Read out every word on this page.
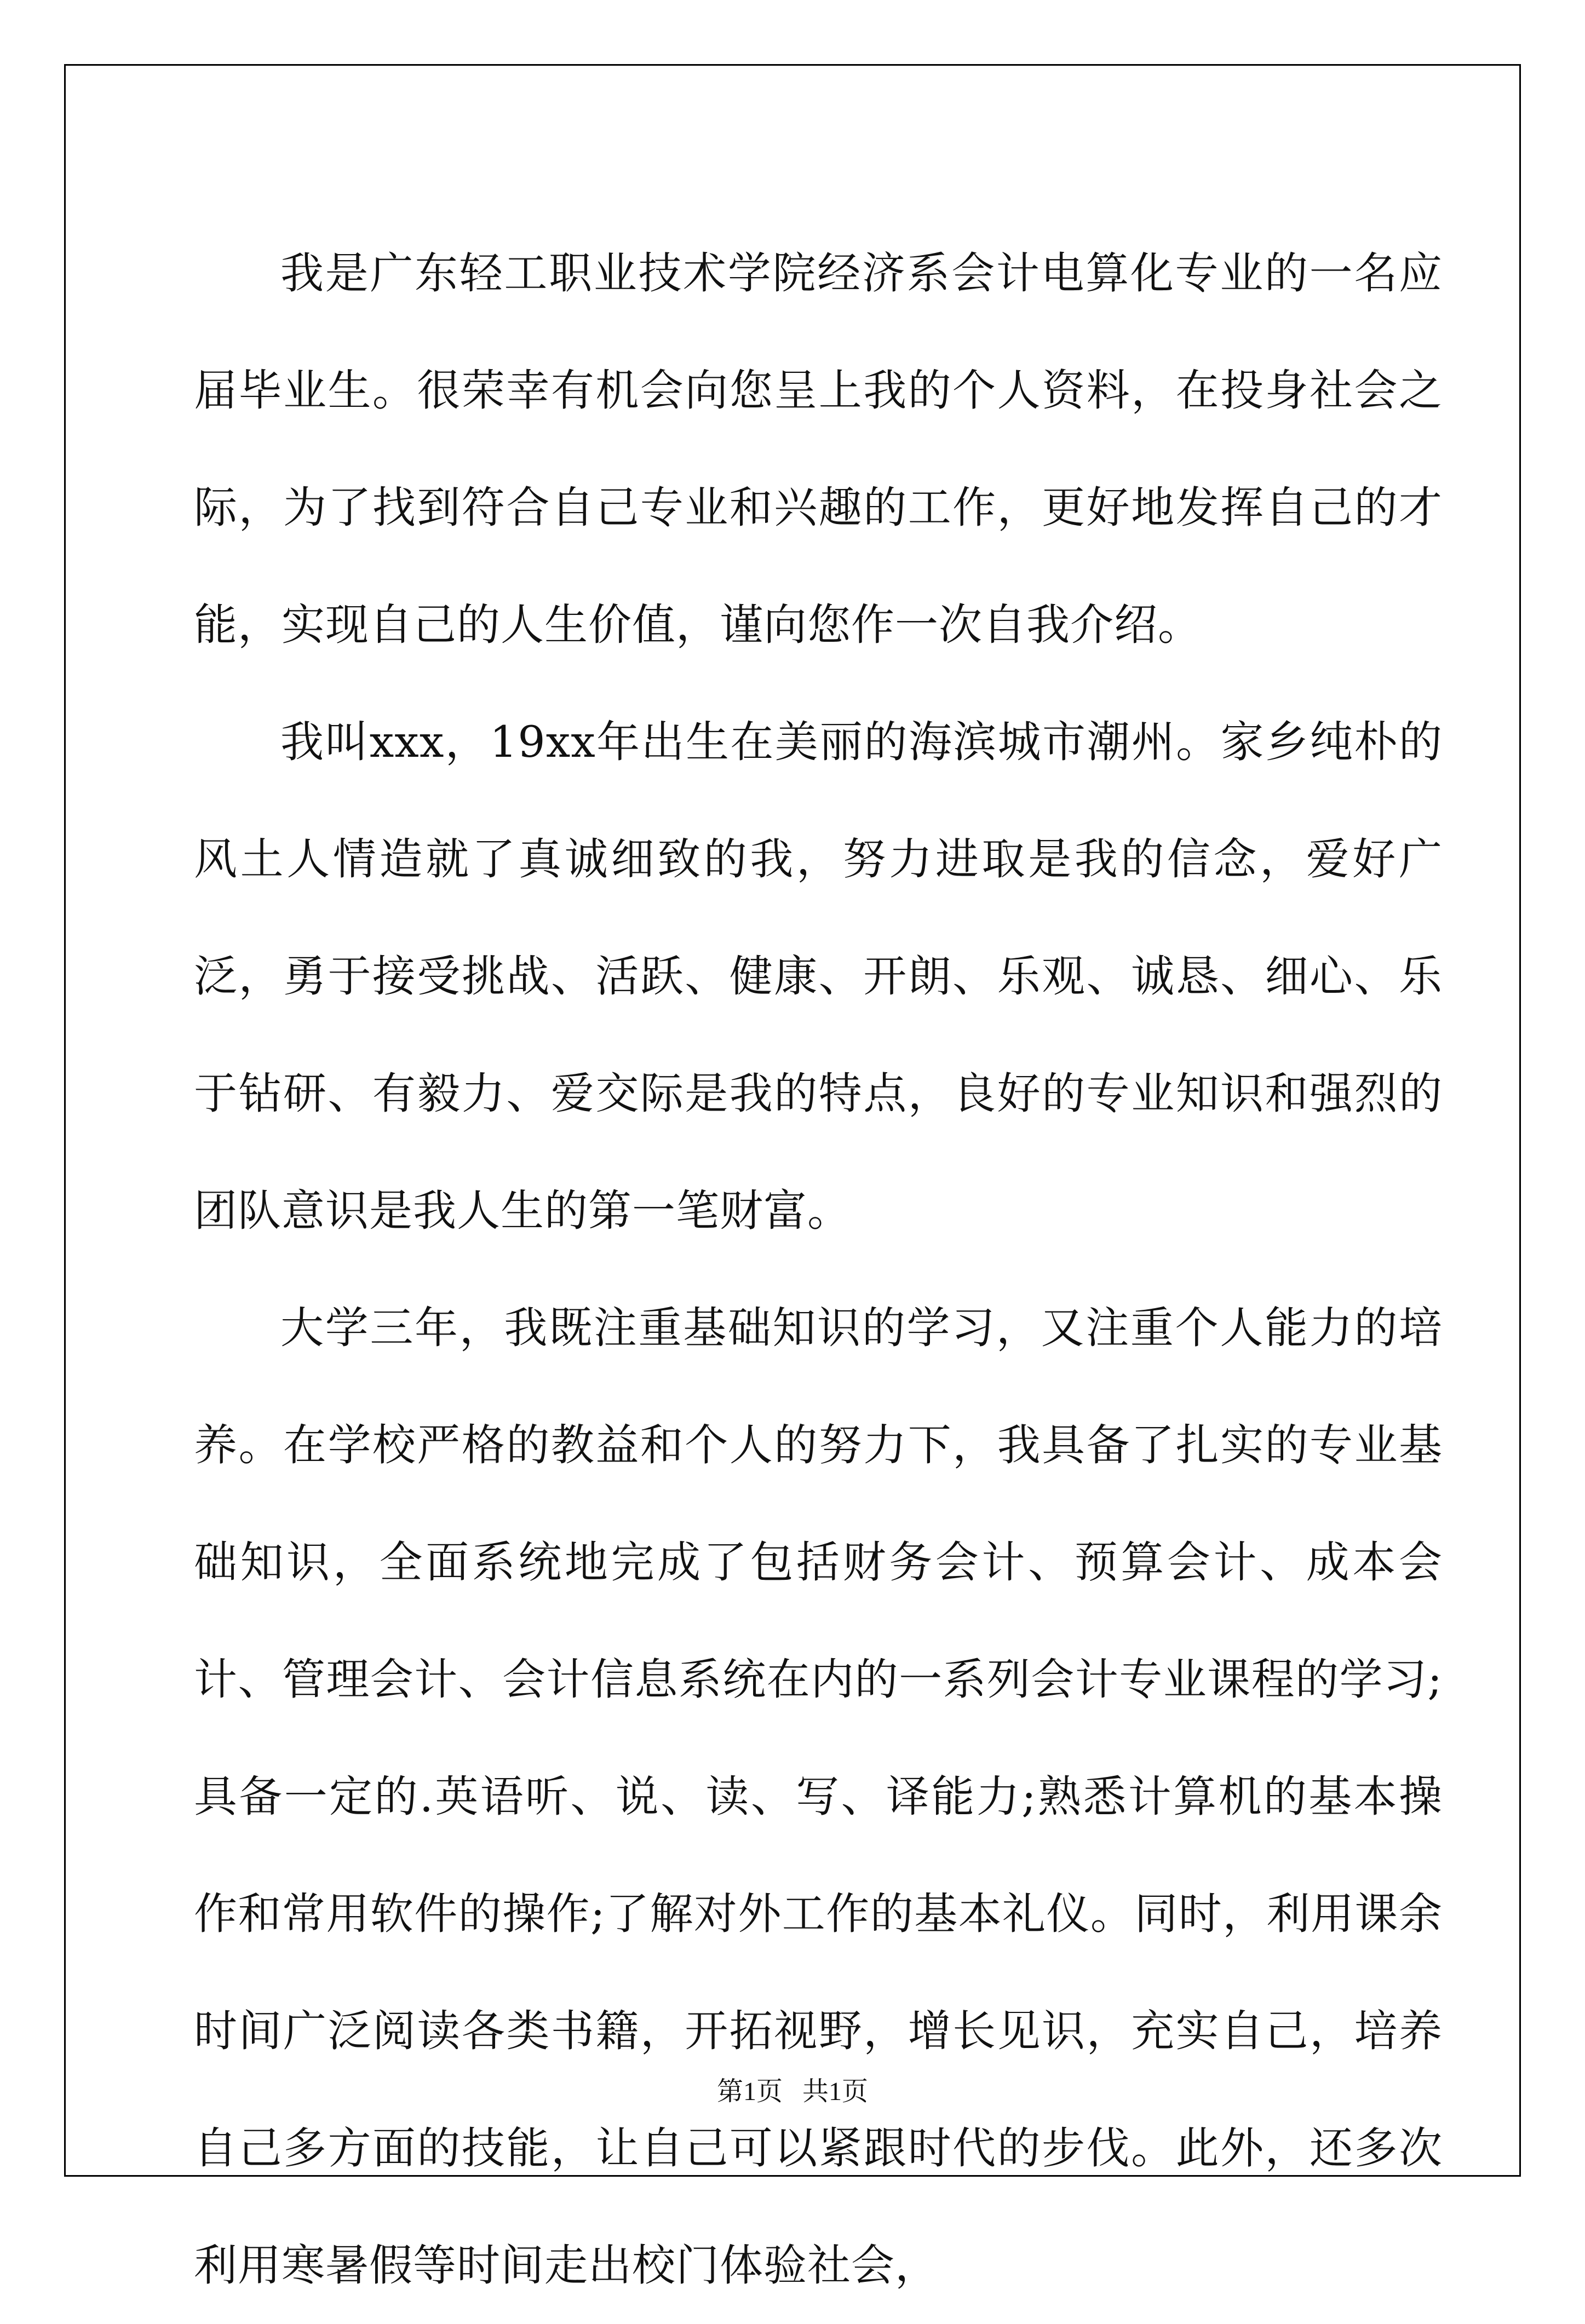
我是广东轻工职业技术学院经济系会计电算化专业的一名应届毕业生。很荣幸有机会向您呈上我的个人资料，在投身社会之际，为了找到符合自己专业和兴趣的工作，更好地发挥自己的才能，实现自己的人生价值，谨向您作一次自我介绍。

我叫xxx，19xx年出生在美丽的海滨城市潮州。家乡纯朴的风土人情造就了真诚细致的我，努力进取是我的信念，爱好广泛，勇于接受挑战、活跃、健康、开朗、乐观、诚恳、细心、乐于钻研、有毅力、爱交际是我的特点，良好的专业知识和强烈的团队意识是我人生的第一笔财富。

大学三年，我既注重基础知识的学习，又注重个人能力的培养。在学校严格的教益和个人的努力下，我具备了扎实的专业基础知识，全面系统地完成了包括财务会计、预算会计、成本会计、管理会计、会计信息系统在内的一系列会计专业课程的学习;具备一定的.英语听、说、读、写、译能力;熟悉计算机的基本操作和常用软件的操作;了解对外工作的基本礼仪。同时，利用课余时间广泛阅读各类书籍，开拓视野，增长见识，充实自己，培养自己多方面的技能，让自己可以紧跟时代的步伐。此外，还多次利用寒暑假等时间走出校门体验社会，

第1页   共1页
